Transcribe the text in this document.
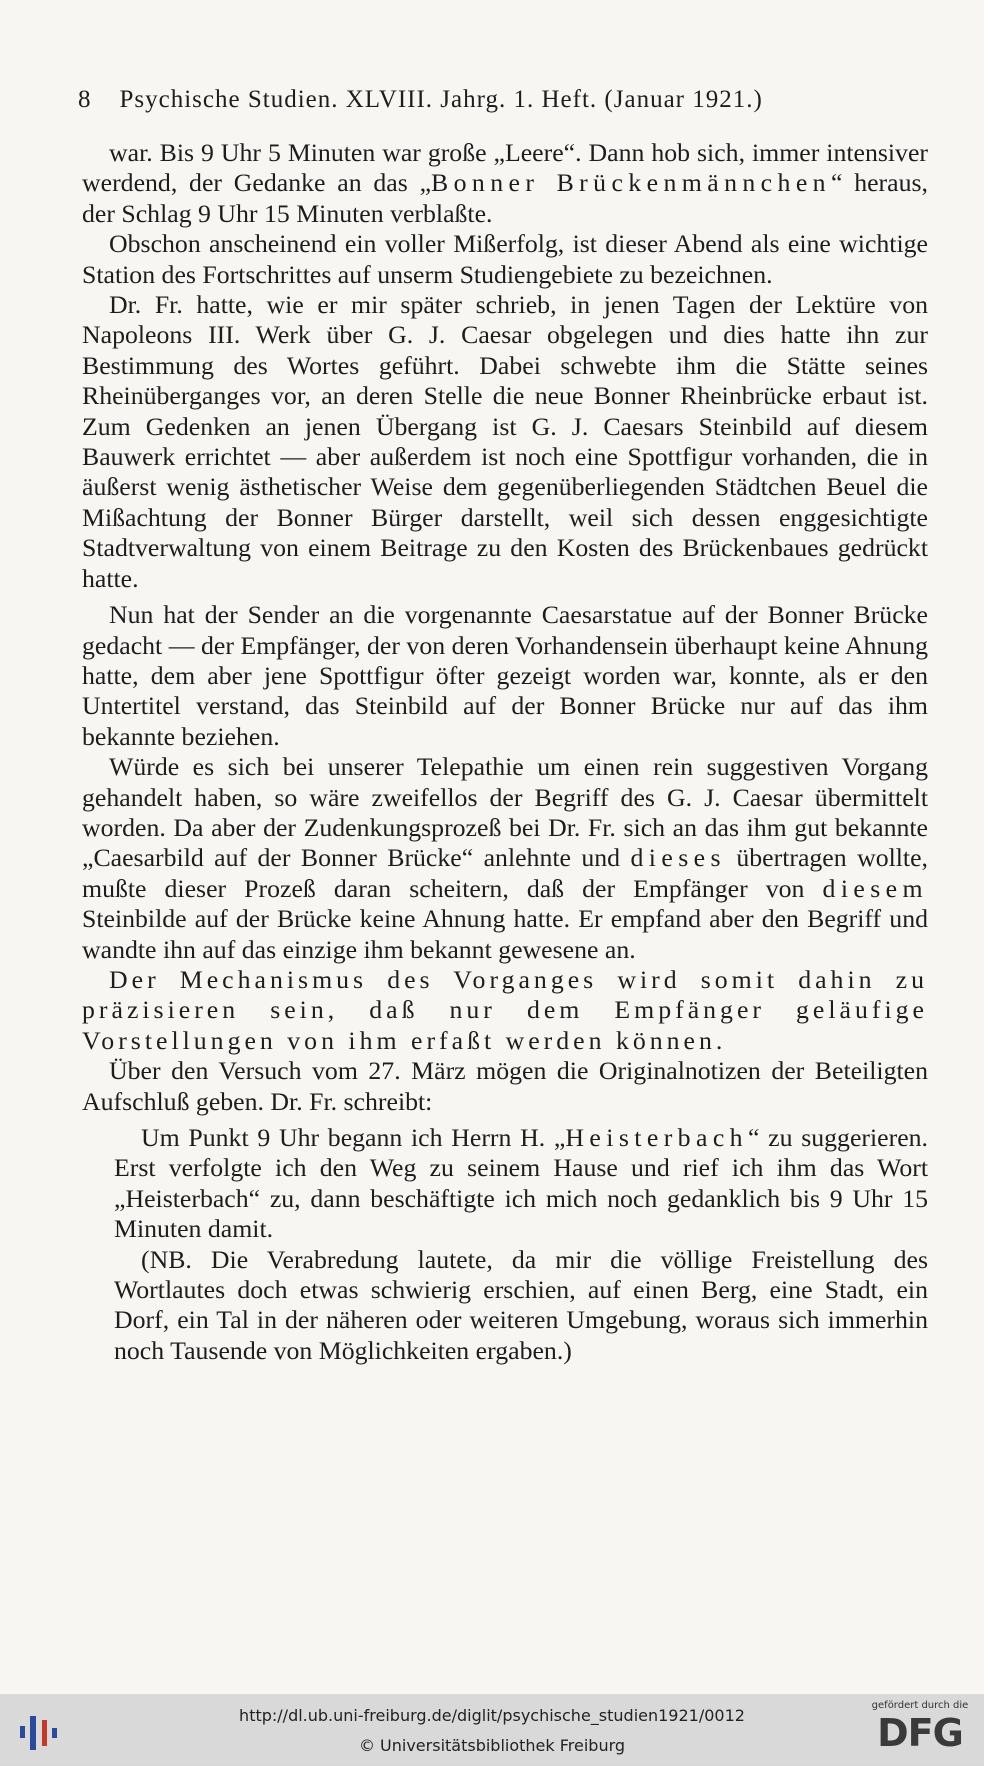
8 Psychische Studien. XLVIII. Jahrg. 1. Heft. (Januar 1921.)

war. Bis 9 Uhr 5 Minuten war große „Leere“. Dann hob sich, immer intensiver werdend, der Gedanke an das „Bonner Brückenmännchen“ heraus, der Schlag 9 Uhr 15 Minuten verblaßte.

Obschon anscheinend ein voller Mißerfolg, ist dieser Abend als eine wichtige Station des Fortschrittes auf unserm Studiengebiete zu bezeichnen.

Dr. Fr. hatte, wie er mir später schrieb, in jenen Tagen der Lektüre von Napoleons III. Werk über G. J. Caesar obgelegen und dies hatte ihn zur Bestimmung des Wortes geführt. Dabei schwebte ihm die Stätte seines Rheinüberganges vor, an deren Stelle die neue Bonner Rheinbrücke erbaut ist. Zum Gedenken an jenen Übergang ist G. J. Caesars Steinbild auf diesem Bauwerk errichtet — aber außerdem ist noch eine Spottfigur vorhanden, die in äußerst wenig ästhetischer Weise dem gegenüberliegenden Städtchen Beuel die Mißachtung der Bonner Bürger darstellt, weil sich dessen enggesichtigte Stadtverwaltung von einem Beitrage zu den Kosten des Brückenbaues gedrückt hatte.

Nun hat der Sender an die vorgenannte Caesarstatue auf der Bonner Brücke gedacht — der Empfänger, der von deren Vorhandensein überhaupt keine Ahnung hatte, dem aber jene Spottfigur öfter gezeigt worden war, konnte, als er den Untertitel verstand, das Steinbild auf der Bonner Brücke nur auf das ihm bekannte beziehen.

Würde es sich bei unserer Telepathie um einen rein suggestiven Vorgang gehandelt haben, so wäre zweifellos der Begriff des G. J. Caesar übermittelt worden. Da aber der Zudenkungsprozeß bei Dr. Fr. sich an das ihm gut bekannte „Caesarbild auf der Bonner Brücke“ anlehnte und dieses übertragen wollte, mußte dieser Prozeß daran scheitern, daß der Empfänger von diesem Steinbilde auf der Brücke keine Ahnung hatte. Er empfand aber den Begriff und wandte ihn auf das einzige ihm bekannt gewesene an.

Der Mechanismus des Vorganges wird somit dahin zu präzisieren sein, daß nur dem Empfänger geläufige Vorstellungen von ihm erfaßt werden können.

Über den Versuch vom 27. März mögen die Originalnotizen der Beteiligten Aufschluß geben. Dr. Fr. schreibt:

Um Punkt 9 Uhr begann ich Herrn H. „Heisterbach“ zu suggerieren. Erst verfolgte ich den Weg zu seinem Hause und rief ich ihm das Wort „Heisterbach“ zu, dann beschäftigte ich mich noch gedanklich bis 9 Uhr 15 Minuten damit.

(NB. Die Verabredung lautete, da mir die völlige Freistellung des Wortlautes doch etwas schwierig erschien, auf einen Berg, eine Stadt, ein Dorf, ein Tal in der näheren oder weiteren Umgebung, woraus sich immerhin noch Tausende von Möglichkeiten ergaben.)

http://dl.ub.uni-freiburg.de/diglit/psychische_studien1921/0012
© Universitätsbibliothek Freiburg
gefördert durch die
DFG
